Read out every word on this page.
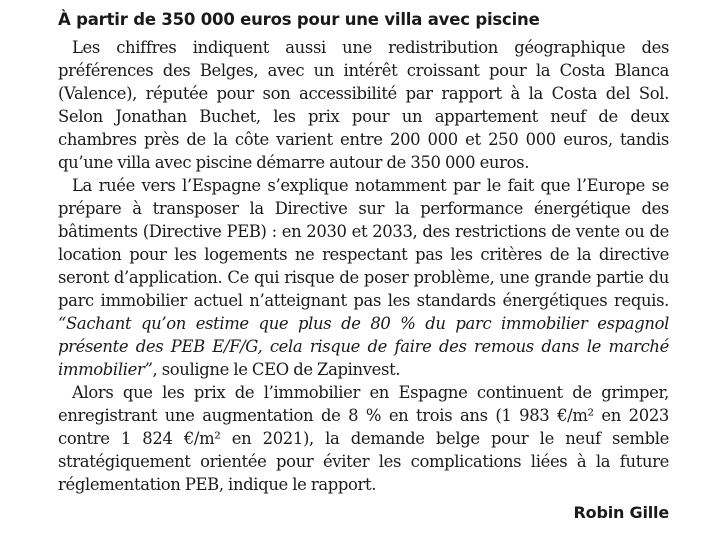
À partir de 350 000 euros pour une villa avec piscine

Les chiffres indiquent aussi une redistribution géographique des préférences des Belges, avec un intérêt croissant pour la Costa Blanca (Valence), réputée pour son accessibilité par rapport à la Costa del Sol. Selon Jonathan Buchet, les prix pour un appartement neuf de deux chambres près de la côte varient entre 200 000 et 250 000 euros, tandis qu’une villa avec piscine démarre autour de 350 000 euros.

La ruée vers l’Espagne s’explique notamment par le fait que l’Europe se prépare à transposer la Directive sur la performance énergétique des bâtiments (Directive PEB) : en 2030 et 2033, des restrictions de vente ou de location pour les logements ne respectant pas les critères de la directive seront d’application. Ce qui risque de poser problème, une grande partie du parc immobilier actuel n’atteignant pas les standards énergétiques requis. “Sachant qu’on estime que plus de 80 % du parc immobilier espagnol présente des PEB E/F/G, cela risque de faire des remous dans le marché immobilier”, souligne le CEO de Zapinvest.

Alors que les prix de l’immobilier en Espagne continuent de grimper, enregistrant une augmentation de 8 % en trois ans (1 983 €/m² en 2023 contre 1 824 €/m² en 2021), la demande belge pour le neuf semble stratégiquement orientée pour éviter les complications liées à la future réglementation PEB, indique le rapport.

Robin Gille
